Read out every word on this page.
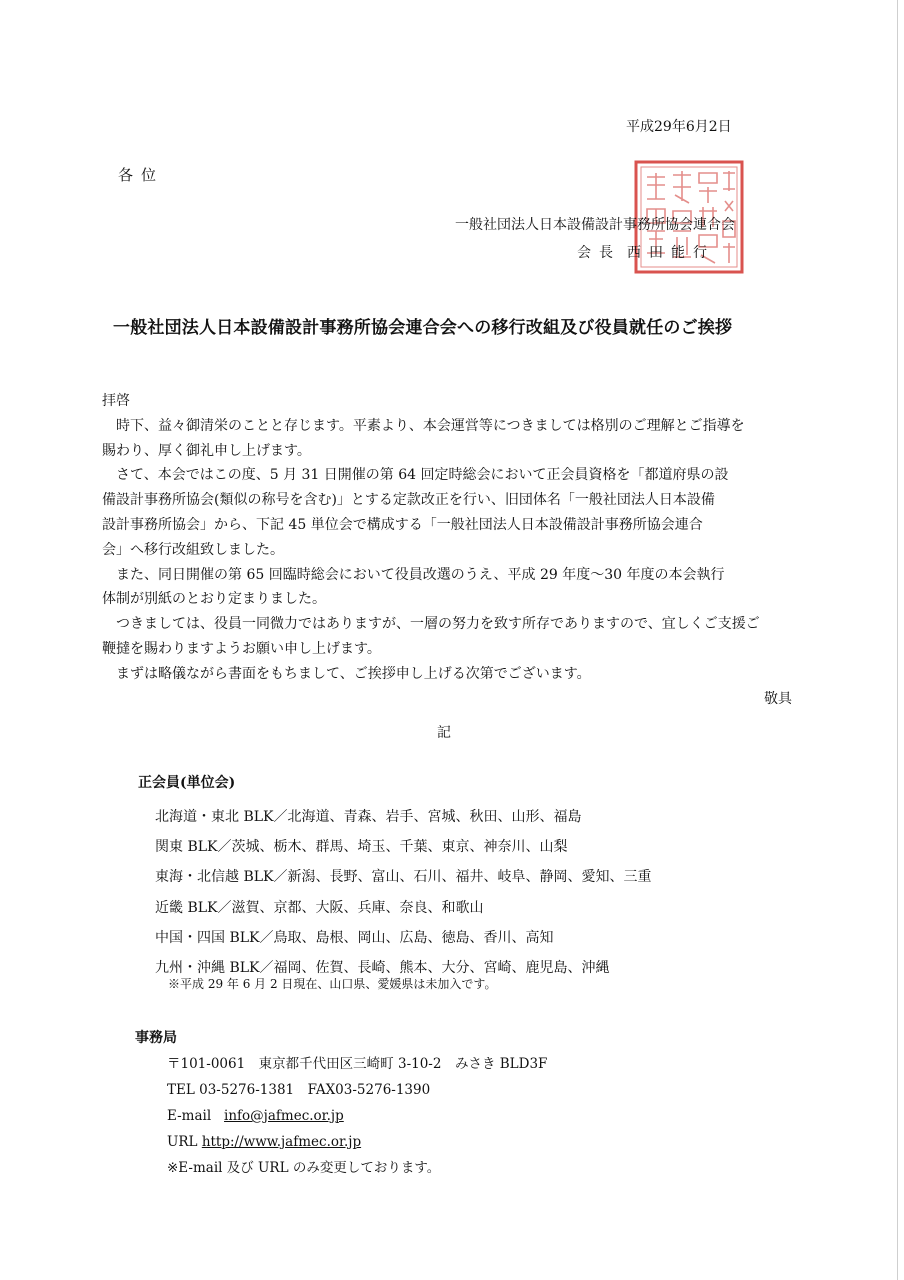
平成29年6月2日
各位
一般社団法人日本設備設計事務所協会連合会
会長 西田能行
一般社団法人日本設備設計事務所協会連合会への移行改組及び役員就任のご挨拶

拝啓

時下、益々御清栄のことと存じます。平素より、本会運営等につきましては格別のご理解とご指導を

賜わり、厚く御礼申し上げます。

さて、本会ではこの度、5 月 31 日開催の第 64 回定時総会において正会員資格を「都道府県の設

備設計事務所協会(類似の称号を含む)」とする定款改正を行い、旧団体名「一般社団法人日本設備

設計事務所協会」から、下記 45 単位会で構成する「一般社団法人日本設備設計事務所協会連合

会」へ移行改組致しました。

また、同日開催の第 65 回臨時総会において役員改選のうえ、平成 29 年度～30 年度の本会執行

体制が別紙のとおり定まりました。

つきましては、役員一同微力ではありますが、一層の努力を致す所存でありますので、宜しくご支援ご

鞭撻を賜わりますようお願い申し上げます。

まずは略儀ながら書面をもちまして、ご挨拶申し上げる次第でございます。

敬具

記
正会員(単位会)
北海道・東北 BLK／北海道、青森、岩手、宮城、秋田、山形、福島
関東 BLK／茨城、栃木、群馬、埼玉、千葉、東京、神奈川、山梨
東海・北信越 BLK／新潟、長野、富山、石川、福井、岐阜、静岡、愛知、三重
近畿 BLK／滋賀、京都、大阪、兵庫、奈良、和歌山
中国・四国 BLK／鳥取、島根、岡山、広島、徳島、香川、高知
九州・沖縄 BLK／福岡、佐賀、長崎、熊本、大分、宮崎、鹿児島、沖縄
※平成 29 年 6 月 2 日現在、山口県、愛媛県は未加入です。
事務局
〒101-0061　東京都千代田区三崎町 3-10-2　みさき BLD3F
TEL 03-5276-1381　FAX03-5276-1390
E-mail info@jafmec.or.jp
URL http://www.jafmec.or.jp
※E-mail 及び URL のみ変更しております。
